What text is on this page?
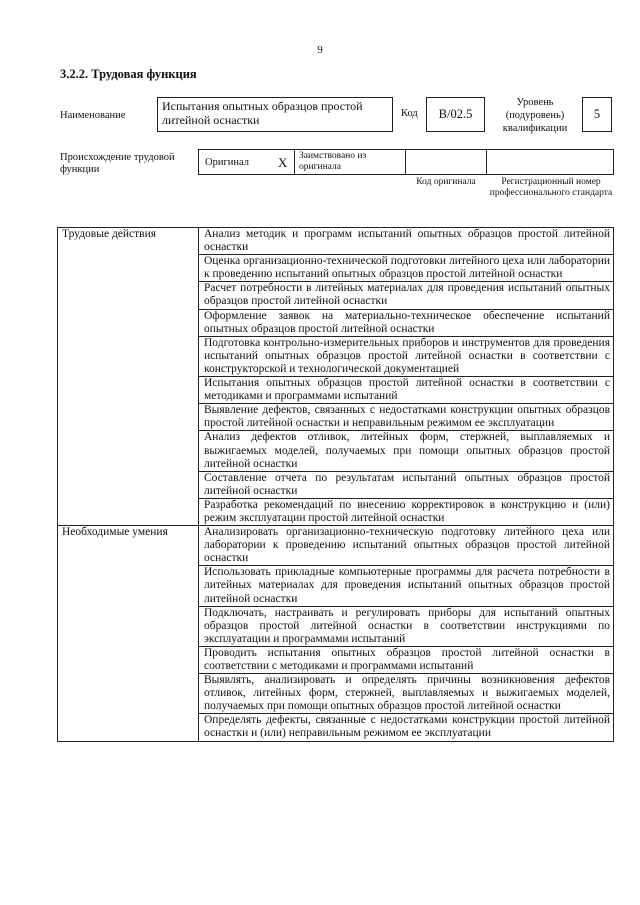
9
3.2.2. Трудовая функция
Наименование
Испытания опытных образцов простой литейной оснастки	Код	B/02.5
Уровень (подуровень) квалификации
5
Происхождение трудовой функции
Оригинал X Заимствовано из оригинала
Код оригинала	Регистрационный номер профессионального стандарта
Трудовые действия	Анализ методик и программ испытаний опытных образцов простой литейной оснастки
	Оценка организационно-технической подготовки литейного цеха или лаборатории к проведению испытаний опытных образцов простой литейной оснастки
	Расчет потребности в литейных материалах для проведения испытаний опытных образцов простой литейной оснастки
	Оформление заявок на материально-техническое обеспечение испытаний опытных образцов простой литейной оснастки
	Подготовка контрольно-измерительных приборов и инструментов для проведения испытаний опытных образцов простой литейной оснастки в соответствии с конструкторской и технологической документацией
	Испытания опытных образцов простой литейной оснастки в соответствии с методиками и программами испытаний
	Выявление дефектов, связанных с недостатками конструкции опытных образцов простой литейной оснастки и неправильным режимом ее эксплуатации
	Анализ дефектов отливок, литейных форм, стержней, выплавляемых и выжигаемых моделей, получаемых при помощи опытных образцов простой литейной оснастки
	Составление отчета по результатам испытаний опытных образцов простой литейной оснастки
	Разработка рекомендаций по внесению корректировок в конструкцию и (или) режим эксплуатации простой литейной оснастки
Необходимые умения	Анализировать организационно-техническую подготовку литейного цеха или лаборатории к проведению испытаний опытных образцов простой литейной оснастки
	Использовать прикладные компьютерные программы для расчета потребности в литейных материалах для проведения испытаний опытных образцов простой литейной оснастки
	Подключать, настраивать и регулировать приборы для испытаний опытных образцов простой литейной оснастки в соответствии инструкциями по эксплуатации и программами испытаний
	Проводить испытания опытных образцов простой литейной оснастки в соответствии с методиками и программами испытаний
	Выявлять, анализировать и определять причины возникновения дефектов отливок, литейных форм, стержней, выплавляемых и выжигаемых моделей, получаемых при помощи опытных образцов простой литейной оснастки
	Определять дефекты, связанные с недостатками конструкции простой литейной оснастки и (или) неправильным режимом ее эксплуатации
